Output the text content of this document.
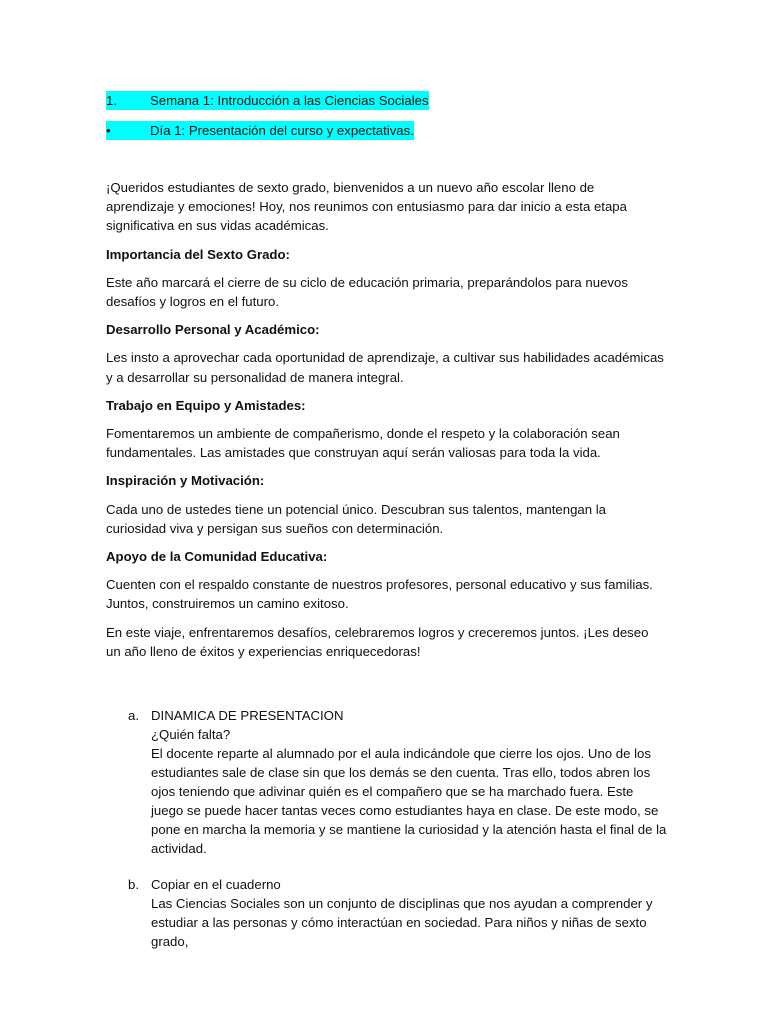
1.	Semana 1: Introducción a las Ciencias Sociales
•	Día 1: Presentación del curso y expectativas.

¡Queridos estudiantes de sexto grado, bienvenidos a un nuevo año escolar lleno de aprendizaje y emociones! Hoy, nos reunimos con entusiasmo para dar inicio a esta etapa significativa en sus vidas académicas.

Importancia del Sexto Grado:

Este año marcará el cierre de su ciclo de educación primaria, preparándolos para nuevos desafíos y logros en el futuro.

Desarrollo Personal y Académico:

Les insto a aprovechar cada oportunidad de aprendizaje, a cultivar sus habilidades académicas y a desarrollar su personalidad de manera integral.

Trabajo en Equipo y Amistades:

Fomentaremos un ambiente de compañerismo, donde el respeto y la colaboración sean fundamentales. Las amistades que construyan aquí serán valiosas para toda la vida.

Inspiración y Motivación:

Cada uno de ustedes tiene un potencial único. Descubran sus talentos, mantengan la curiosidad viva y persigan sus sueños con determinación.

Apoyo de la Comunidad Educativa:

Cuenten con el respaldo constante de nuestros profesores, personal educativo y sus familias. Juntos, construiremos un camino exitoso.

En este viaje, enfrentaremos desafíos, celebraremos logros y creceremos juntos. ¡Les deseo un año lleno de éxitos y experiencias enriquecedoras!

a. DINAMICA DE PRESENTACION
¿Quién falta?
El docente reparte al alumnado por el aula indicándole que cierre los ojos. Uno de los estudiantes sale de clase sin que los demás se den cuenta. Tras ello, todos abren los ojos teniendo que adivinar quién es el compañero que se ha marchado fuera. Este juego se puede hacer tantas veces como estudiantes haya en clase. De este modo, se pone en marcha la memoria y se mantiene la curiosidad y la atención hasta el final de la actividad.
b. Copiar en el cuaderno
Las Ciencias Sociales son un conjunto de disciplinas que nos ayudan a comprender y estudiar a las personas y cómo interactúan en sociedad. Para niños y niñas de sexto grado,
